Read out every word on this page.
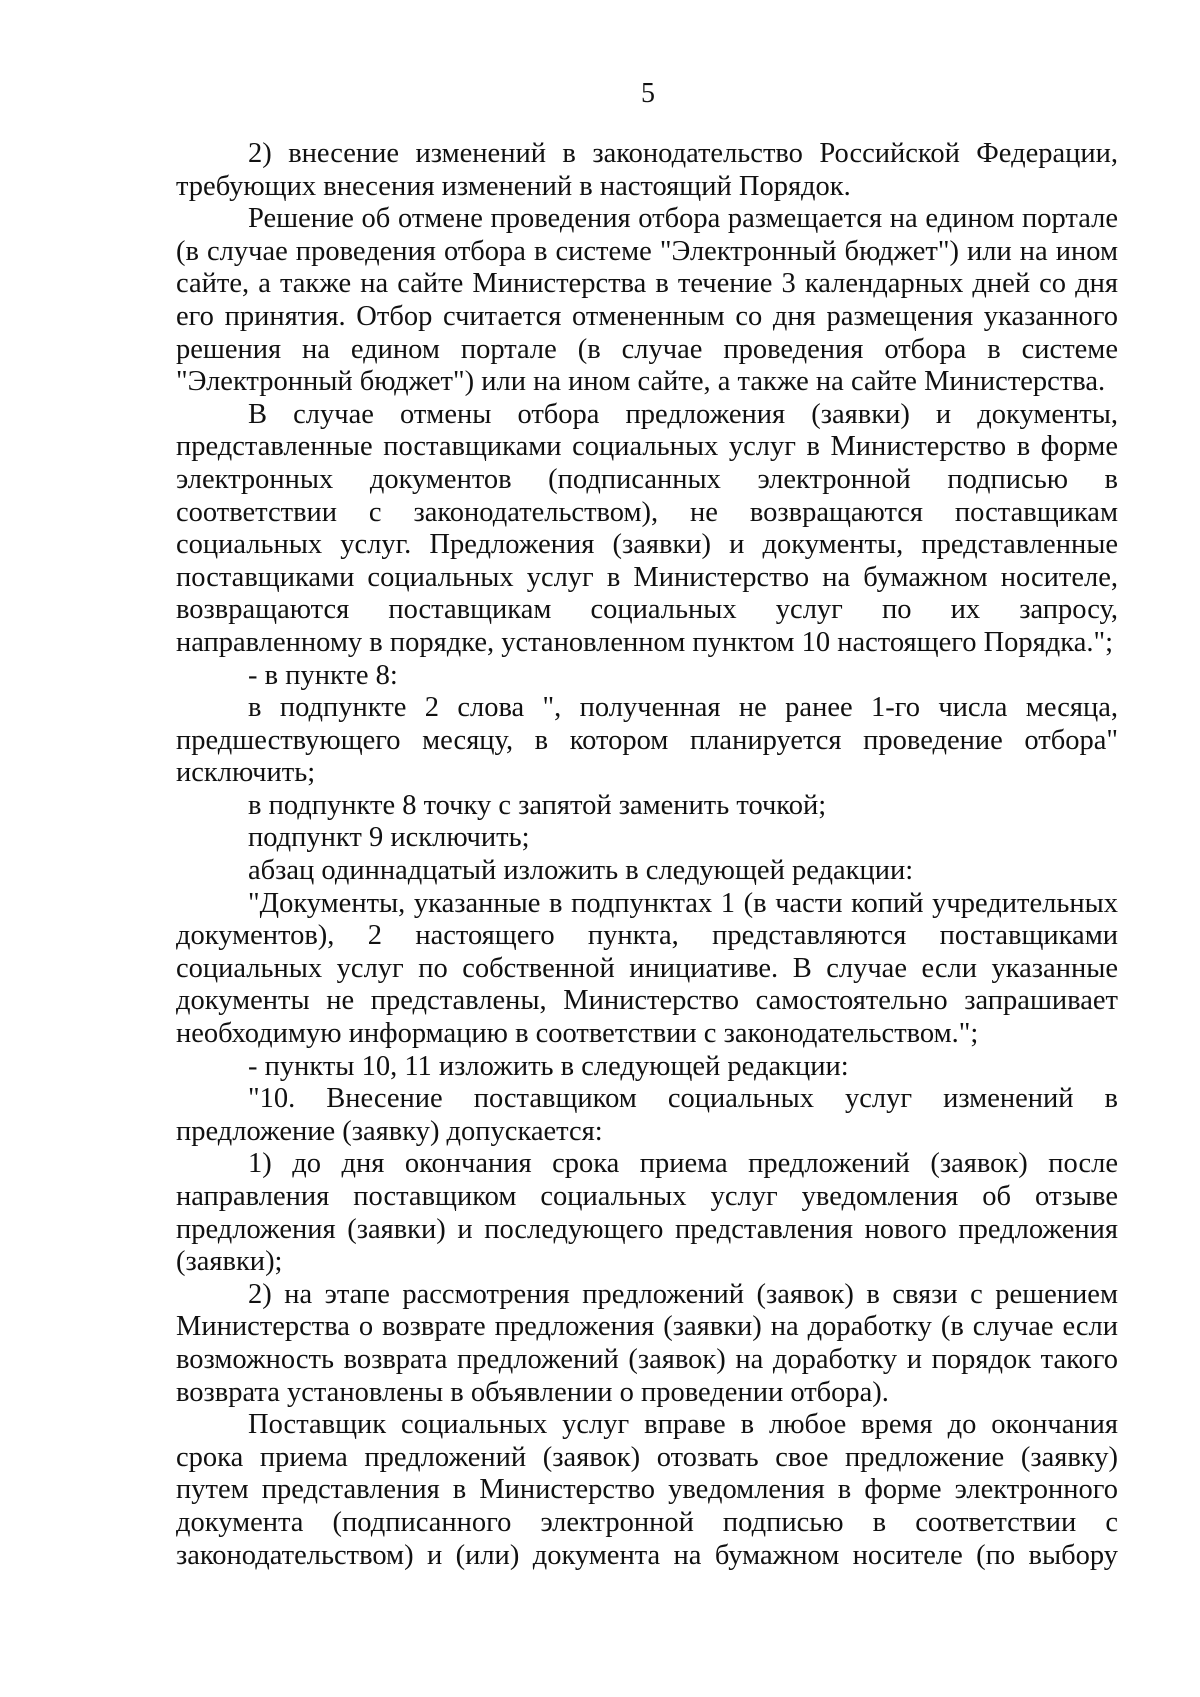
5

2) внесение изменений в законодательство Российской Федерации, требующих внесения изменений в настоящий Порядок.

Решение об отмене проведения отбора размещается на едином портале (в случае проведения отбора в системе "Электронный бюджет") или на ином сайте, а также на сайте Министерства в течение 3 календарных дней со дня его принятия. Отбор считается отмененным со дня размещения указанного решения на едином портале (в случае проведения отбора в системе "Электронный бюджет") или на ином сайте, а также на сайте Министерства.

В случае отмены отбора предложения (заявки) и документы, представленные поставщиками социальных услуг в Министерство в форме электронных документов (подписанных электронной подписью в соответствии с законодательством), не возвращаются поставщикам социальных услуг. Предложения (заявки) и документы, представленные поставщиками социальных услуг в Министерство на бумажном носителе, возвращаются поставщикам социальных услуг по их запросу, направленному в порядке, установленном пунктом 10 настоящего Порядка.";

- в пункте 8:

в подпункте 2 слова ", полученная не ранее 1-го числа месяца, предшествующего месяцу, в котором планируется проведение отбора" исключить;

в подпункте 8 точку с запятой заменить точкой;

подпункт 9 исключить;

абзац одиннадцатый изложить в следующей редакции:

"Документы, указанные в подпунктах 1 (в части копий учредительных документов), 2 настоящего пункта, представляются поставщиками социальных услуг по собственной инициативе. В случае если указанные документы не представлены, Министерство самостоятельно запрашивает необходимую информацию в соответствии с законодательством.";

- пункты 10, 11 изложить в следующей редакции:

"10. Внесение поставщиком социальных услуг изменений в предложение (заявку) допускается:

1) до дня окончания срока приема предложений (заявок) после направления поставщиком социальных услуг уведомления об отзыве предложения (заявки) и последующего представления нового предложения (заявки);

2) на этапе рассмотрения предложений (заявок) в связи с решением Министерства о возврате предложения (заявки) на доработку (в случае если возможность возврата предложений (заявок) на доработку и порядок такого возврата установлены в объявлении о проведении отбора).

Поставщик социальных услуг вправе в любое время до окончания срока приема предложений (заявок) отозвать свое предложение (заявку) путем представления в Министерство уведомления в форме электронного документа (подписанного электронной подписью в соответствии с законодательством) и (или) документа на бумажном носителе (по выбору
